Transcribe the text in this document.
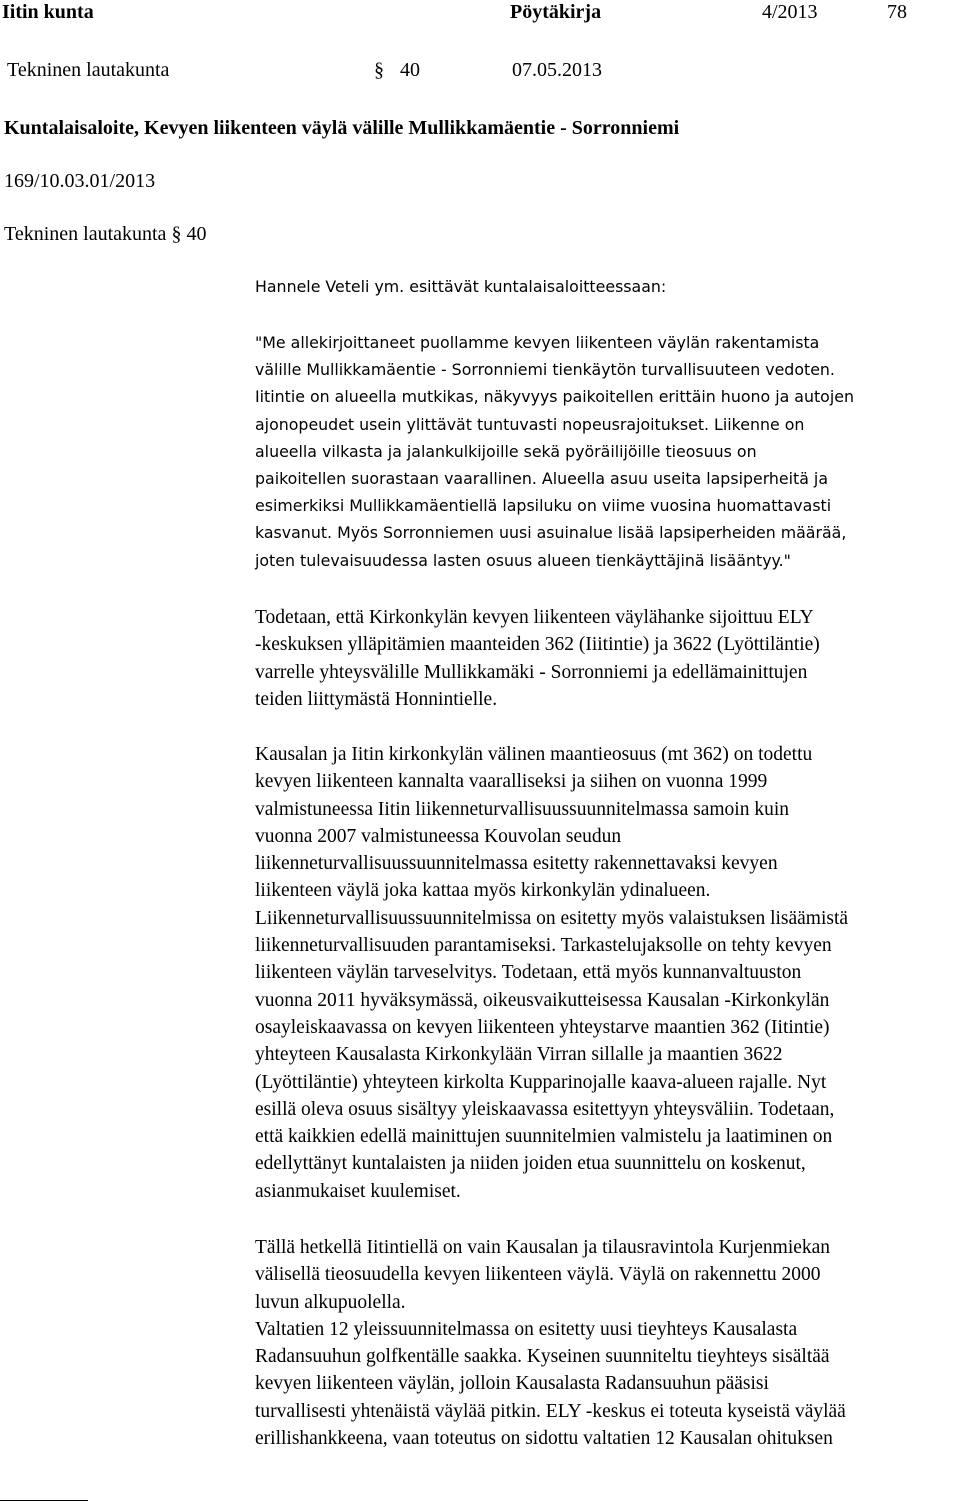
Iitin kunta	Pöytäkirja	4/2013	78
Tekninen lautakunta	§ 40	07.05.2013
Kuntalaisaloite, Kevyen liikenteen väylä välille Mullikkamäentie - Sorronniemi
169/10.03.01/2013
Tekninen lautakunta § 40
Hannele Veteli ym. esittävät kuntalaisaloitteessaan:
"Me allekirjoittaneet puollamme kevyen liikenteen väylän rakentamista
välille Mullikkamäentie - Sorronniemi tienkäytön turvallisuuteen vedoten.
Iitintie on alueella mutkikas, näkyvyys paikoitellen erittäin huono ja autojen
ajonopeudet usein ylittävät tuntuvasti nopeusrajoitukset. Liikenne on
alueella vilkasta ja jalankulkijoille sekä pyöräilijöille tieosuus on
paikoitellen suorastaan vaarallinen. Alueella asuu useita lapsiperheitä ja
esimerkiksi Mullikkamäentiellä lapsiluku on viime vuosina huomattavasti
kasvanut. Myös Sorronniemen uusi asuinalue lisää lapsiperheiden määrää,
joten tulevaisuudessa lasten osuus alueen tienkäyttäjinä lisääntyy."
Todetaan, että Kirkonkylän kevyen liikenteen väylähanke sijoittuu ELY
-keskuksen ylläpitämien maanteiden 362 (Iiitintie) ja 3622 (Lyöttiläntie)
varrelle yhteysvälille Mullikkamäki - Sorronniemi ja edellämainittujen
teiden liittymästä Honnintielle.
Kausalan ja Iitin kirkonkylän välinen maantieosuus (mt 362) on todettu
kevyen liikenteen kannalta vaaralliseksi ja siihen on vuonna 1999
valmistuneessa Iitin liikenneturvallisuussuunnitelmassa samoin kuin
vuonna 2007 valmistuneessa Kouvolan seudun
liikenneturvallisuussuunnitelmassa esitetty rakennettavaksi kevyen
liikenteen väylä joka kattaa myös kirkonkylän ydinalueen.
Liikenneturvallisuussuunnitelmissa on esitetty myös valaistuksen lisäämistä
liikenneturvallisuuden parantamiseksi. Tarkastelujaksolle on tehty kevyen
liikenteen väylän tarveselvitys. Todetaan, että myös kunnanvaltuuston
vuonna 2011 hyväksymässä, oikeusvaikutteisessa Kausalan -Kirkonkylän
osayleiskaavassa on kevyen liikenteen yhteystarve maantien 362 (Iitintie)
yhteyteen Kausalasta Kirkonkylään Virran sillalle ja maantien 3622
(Lyöttiläntie) yhteyteen kirkolta Kupparinojalle kaava-alueen rajalle. Nyt
esillä oleva osuus sisältyy yleiskaavassa esitettyyn yhteysväliin. Todetaan,
että kaikkien edellä mainittujen suunnitelmien valmistelu ja laatiminen on
edellyttänyt kuntalaisten ja niiden joiden etua suunnittelu on koskenut,
asianmukaiset kuulemiset.
Tällä hetkellä Iitintiellä on vain Kausalan ja tilausravintola Kurjenmiekan
välisellä tieosuudella kevyen liikenteen väylä. Väylä on rakennettu 2000
luvun alkupuolella.
Valtatien 12 yleissuunnitelmassa on esitetty uusi tieyhteys Kausalasta
Radansuuhun golfkentälle saakka. Kyseinen suunniteltu tieyhteys sisältää
kevyen liikenteen väylän, jolloin Kausalasta Radansuuhun pääsisi
turvallisesti yhtenäistä väylää pitkin. ELY -keskus ei toteuta kyseistä väylää
erillishankkeena, vaan toteutus on sidottu valtatien 12 Kausalan ohituksen
